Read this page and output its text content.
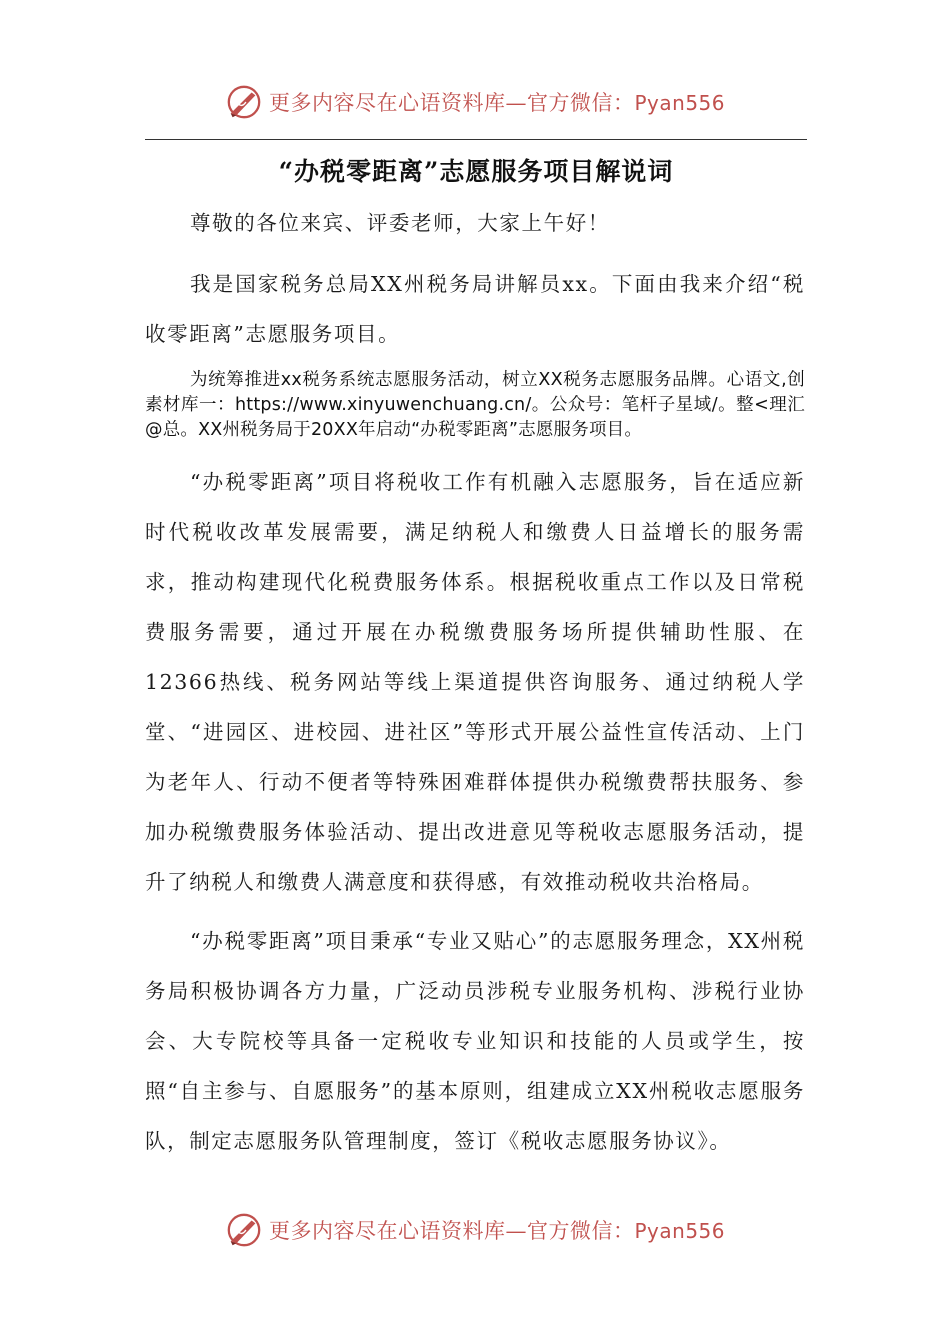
更多内容尽在心语资料库—官方微信：Pyan556
“办税零距离”志愿服务项目解说词

尊敬的各位来宾、评委老师，大家上午好！

我是国家税务总局XX州税务局讲解员xx。下面由我来介绍“税收零距离”志愿服务项目。

为统筹推进xx税务系统志愿服务活动，树立XX税务志愿服务品牌。心语文,创素材库一：https://www.xinyuwenchuang.cn/。公众号：笔杆子星域/。整<理汇@总。XX州税务局于20XX年启动“办税零距离”志愿服务项目。

“办税零距离”项目将税收工作有机融入志愿服务，旨在适应新时代税收改革发展需要，满足纳税人和缴费人日益增长的服务需求，推动构建现代化税费服务体系。根据税收重点工作以及日常税费服务需要，通过开展在办税缴费服务场所提供辅助性服、在12366热线、税务网站等线上渠道提供咨询服务、通过纳税人学堂、“进园区、进校园、进社区”等形式开展公益性宣传活动、上门为老年人、行动不便者等特殊困难群体提供办税缴费帮扶服务、参加办税缴费服务体验活动、提出改进意见等税收志愿服务活动，提升了纳税人和缴费人满意度和获得感，有效推动税收共治格局。

“办税零距离”项目秉承“专业又贴心”的志愿服务理念，XX州税务局积极协调各方力量，广泛动员涉税专业服务机构、涉税行业协会、大专院校等具备一定税收专业知识和技能的人员或学生，按照“自主参与、自愿服务”的基本原则，组建成立XX州税收志愿服务队，制定志愿服务队管理制度，签订《税收志愿服务协议》。

更多内容尽在心语资料库—官方微信：Pyan556
